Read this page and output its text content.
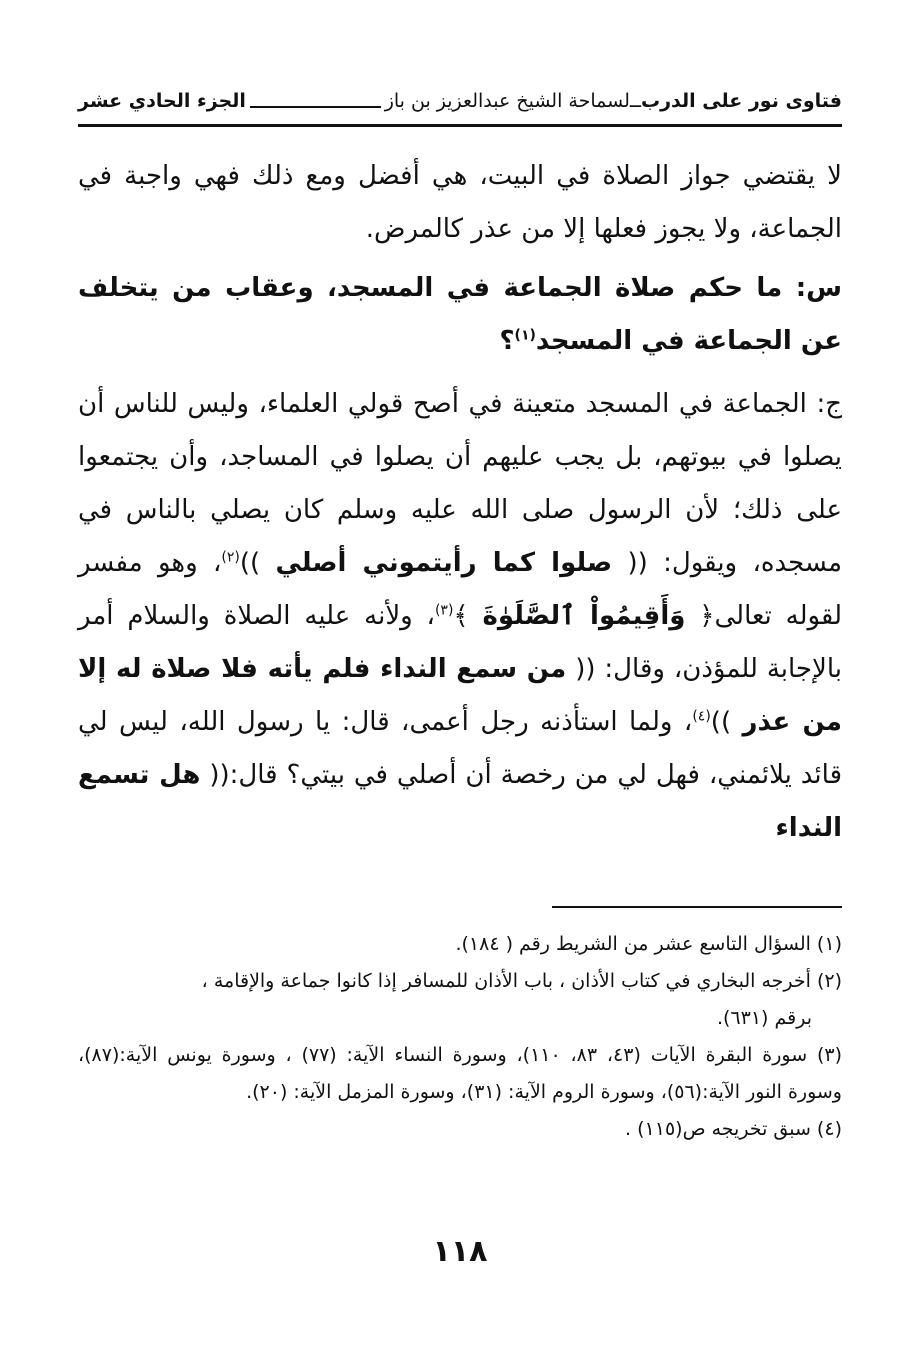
فتاوى نور على الدرب
ــ
لسماحة الشيخ عبدالعزيز بن باز
الجزء الحادي عشر

لا يقتضي جواز الصلاة في البيت، هي أفضل ومع ذلك فهي واجبة في الجماعة، ولا يجوز فعلها إلا من عذر كالمرض.

س: ما حكم صلاة الجماعة في المسجد، وعقاب من يتخلف عن الجماعة في المسجد$^{(١)}$؟

ج: الجماعة في المسجد متعينة في أصح قولي العلماء، وليس للناس أن يصلوا في بيوتهم، بل يجب عليهم أن يصلوا في المساجد، وأن يجتمعوا على ذلك؛ لأن الرسول صلى الله عليه وسلم كان يصلي بالناس في مسجده، ويقول: (( صلوا كما رأيتموني أصلي ))$^{(٢)}$، وهو مفسر لقوله تعالى﴿ وَأَقِيمُواْ ٱلصَّلَوٰةَ ﴾$^{(٣)}$، ولأنه عليه الصلاة والسلام أمر بالإجابة للمؤذن، وقال: (( من سمع النداء فلم يأته فلا صلاة له إلا من عذر ))$^{(٤)}$، ولما استأذنه رجل أعمى، قال: يا رسول الله، ليس لي قائد يلائمني، فهل لي من رخصة أن أصلي في بيتي؟ قال:(( هل تسمع النداء

(١) السؤال التاسع عشر من الشريط رقم ( ١٨٤).

(٢) أخرجه البخاري في كتاب الأذان ، باب الأذان للمسافر إذا كانوا جماعة والإقامة ،

برقم (٦٣١).

(٣) سورة البقرة الآيات (٤٣، ٨٣، ١١٠)، وسورة النساء الآية: (٧٧) ، وسورة يونس الآية:(٨٧)، وسورة النور الآية:(٥٦)، وسورة الروم الآية: (٣١)، وسورة المزمل الآية: (٢٠).

(٤) سبق تخريجه ص(١١٥) .

١١٨
